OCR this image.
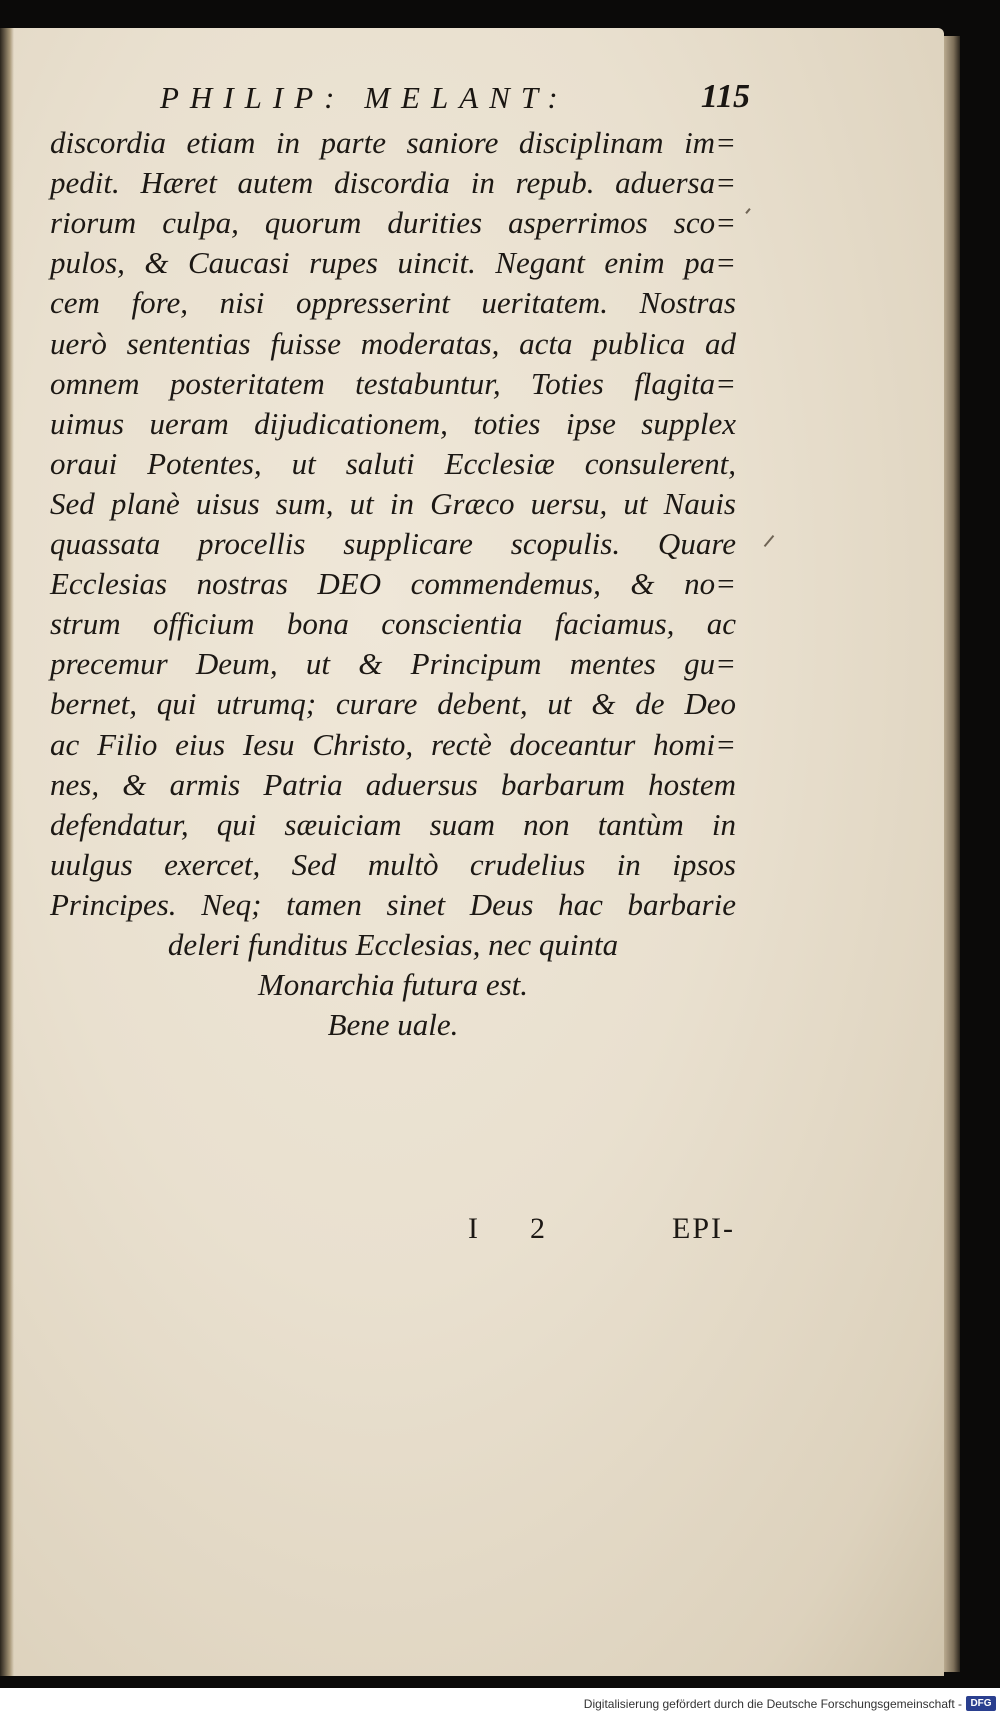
PHILIP: MELANT:	115
discordia etiam in parte saniore disciplinam im=
pedit. Hæret autem discordia in repub. aduersa=
riorum culpa, quorum durities asperrimos sco=
pulos, & Caucasi rupes uincit. Negant enim pa=
cem fore, nisi oppresserint ueritatem. Nostras
uerò sententias fuisse moderatas, acta publica ad
omnem posteritatem testabuntur, Toties flagita=
uimus ueram dijudicationem, toties ipse supplex
oraui Potentes, ut saluti Ecclesiæ consulerent,
Sed planè uisus sum, ut in Græco uersu, ut Nauis
quassata procellis supplicare scopulis. Quare
Ecclesias nostras DEO commendemus, & no=
strum officium bona conscientia faciamus, ac
precemur Deum, ut & Principum mentes gu=
bernet, qui utrumq; curare debent, ut & de Deo
ac Filio eius Iesu Christo, rectè doceantur homi=
nes, & armis Patria aduersus barbarum hostem
defendatur, qui sæuiciam suam non tantùm in
uulgus exercet, Sed multò crudelius in ipsos
Principes. Neq; tamen sinet Deus hac barbarie
deleri funditus Ecclesias, nec quinta
Monarchia futura est.
Bene uale.
I 2	EPI-
Digitalisierung gefördert durch die Deutsche Forschungsgemeinschaft - DFG
